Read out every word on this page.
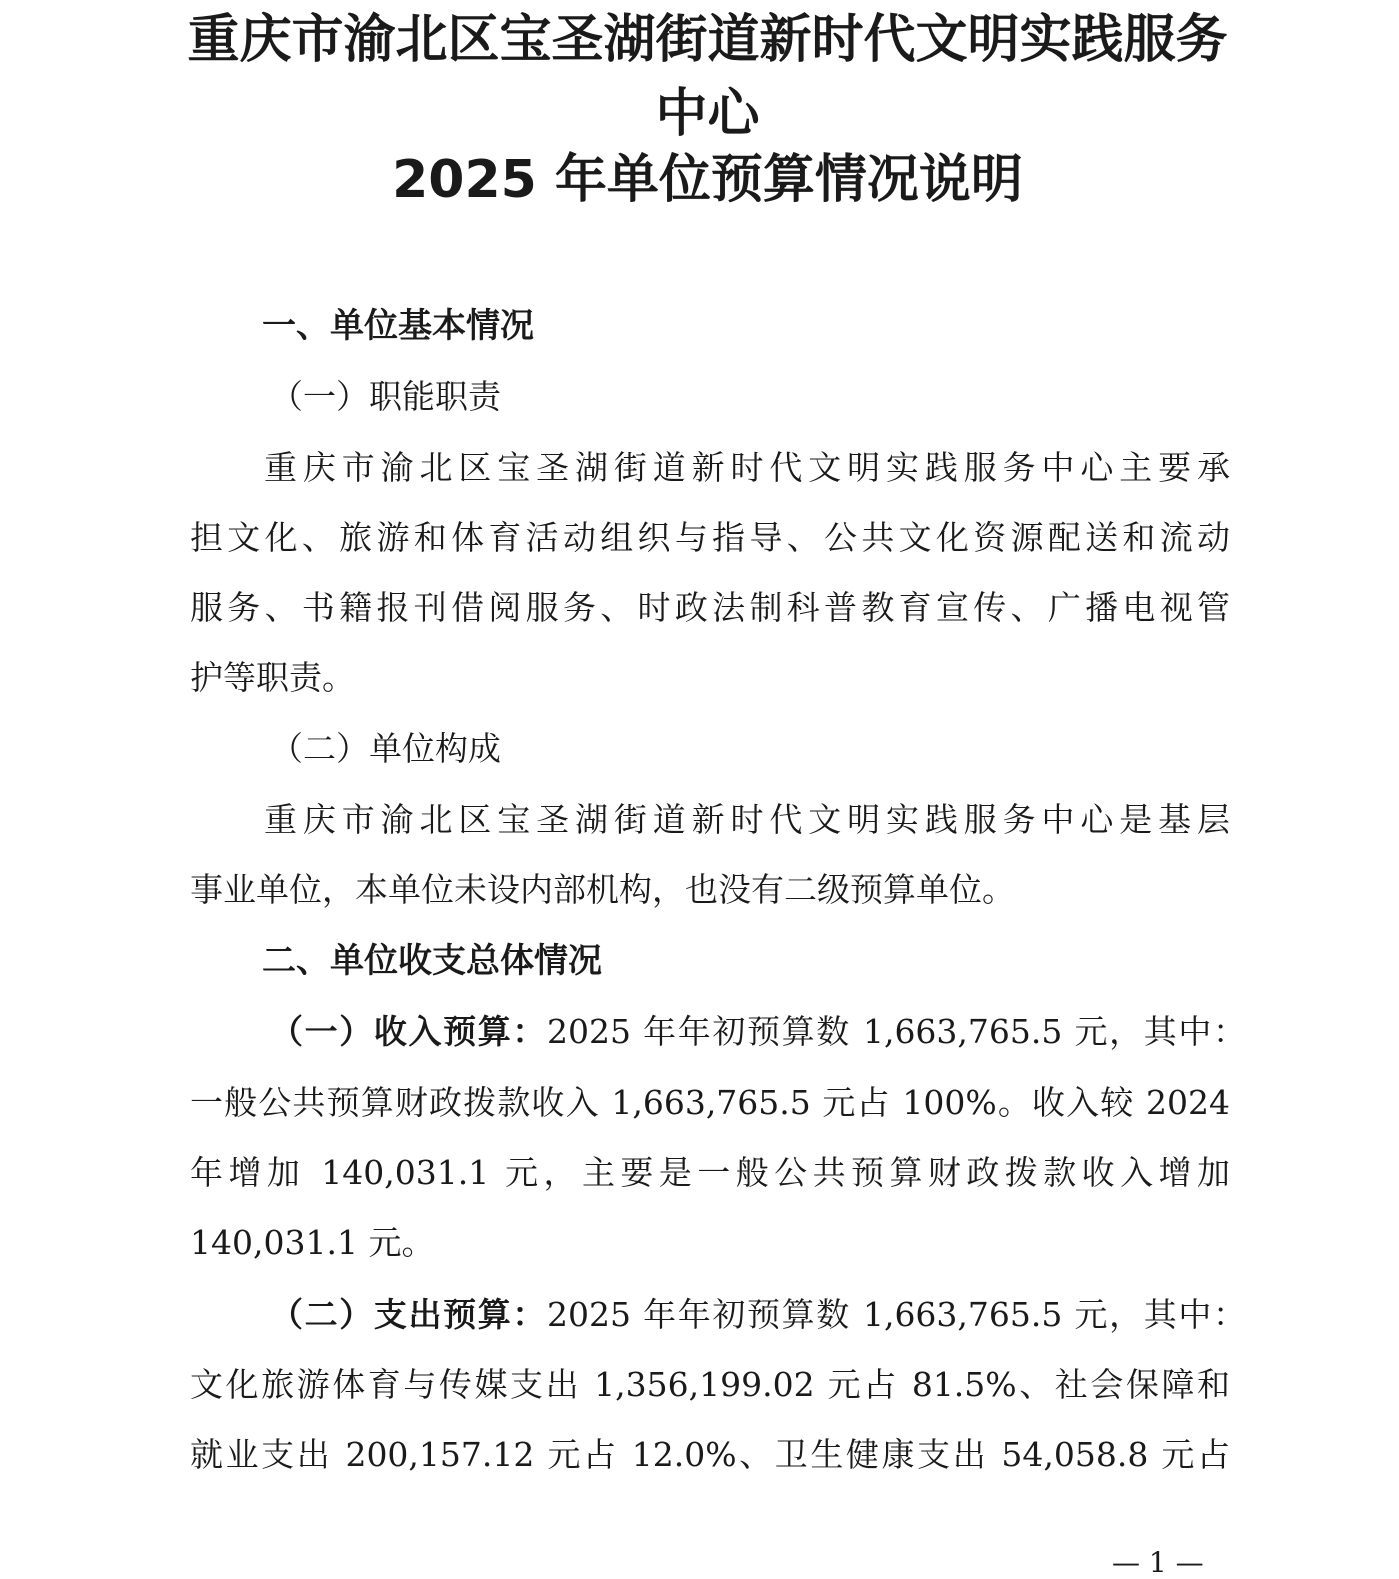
重庆市渝北区宝圣湖街道新时代文明实践服务
中心
2025 年单位预算情况说明
一、单位基本情况
（一）职能职责
重庆市渝北区宝圣湖街道新时代文明实践服务中心主要承
担文化、旅游和体育活动组织与指导、公共文化资源配送和流动
服务、书籍报刊借阅服务、时政法制科普教育宣传、广播电视管
护等职责。
（二）单位构成
重庆市渝北区宝圣湖街道新时代文明实践服务中心是基层
事业单位，本单位未设内部机构，也没有二级预算单位。
二、单位收支总体情况
（一）收入预算：2025 年年初预算数 1,663,765.5 元，其中：
一般公共预算财政拨款收入 1,663,765.5 元占 100%。收入较 2024
年增加 140,031.1 元，主要是一般公共预算财政拨款收入增加
140,031.1 元。
（二）支出预算：2025 年年初预算数 1,663,765.5 元，其中：
文化旅游体育与传媒支出 1,356,199.02 元占 81.5%、社会保障和
就业支出 200,157.12 元占 12.0%、卫生健康支出 54,058.8 元占
— 1 —
